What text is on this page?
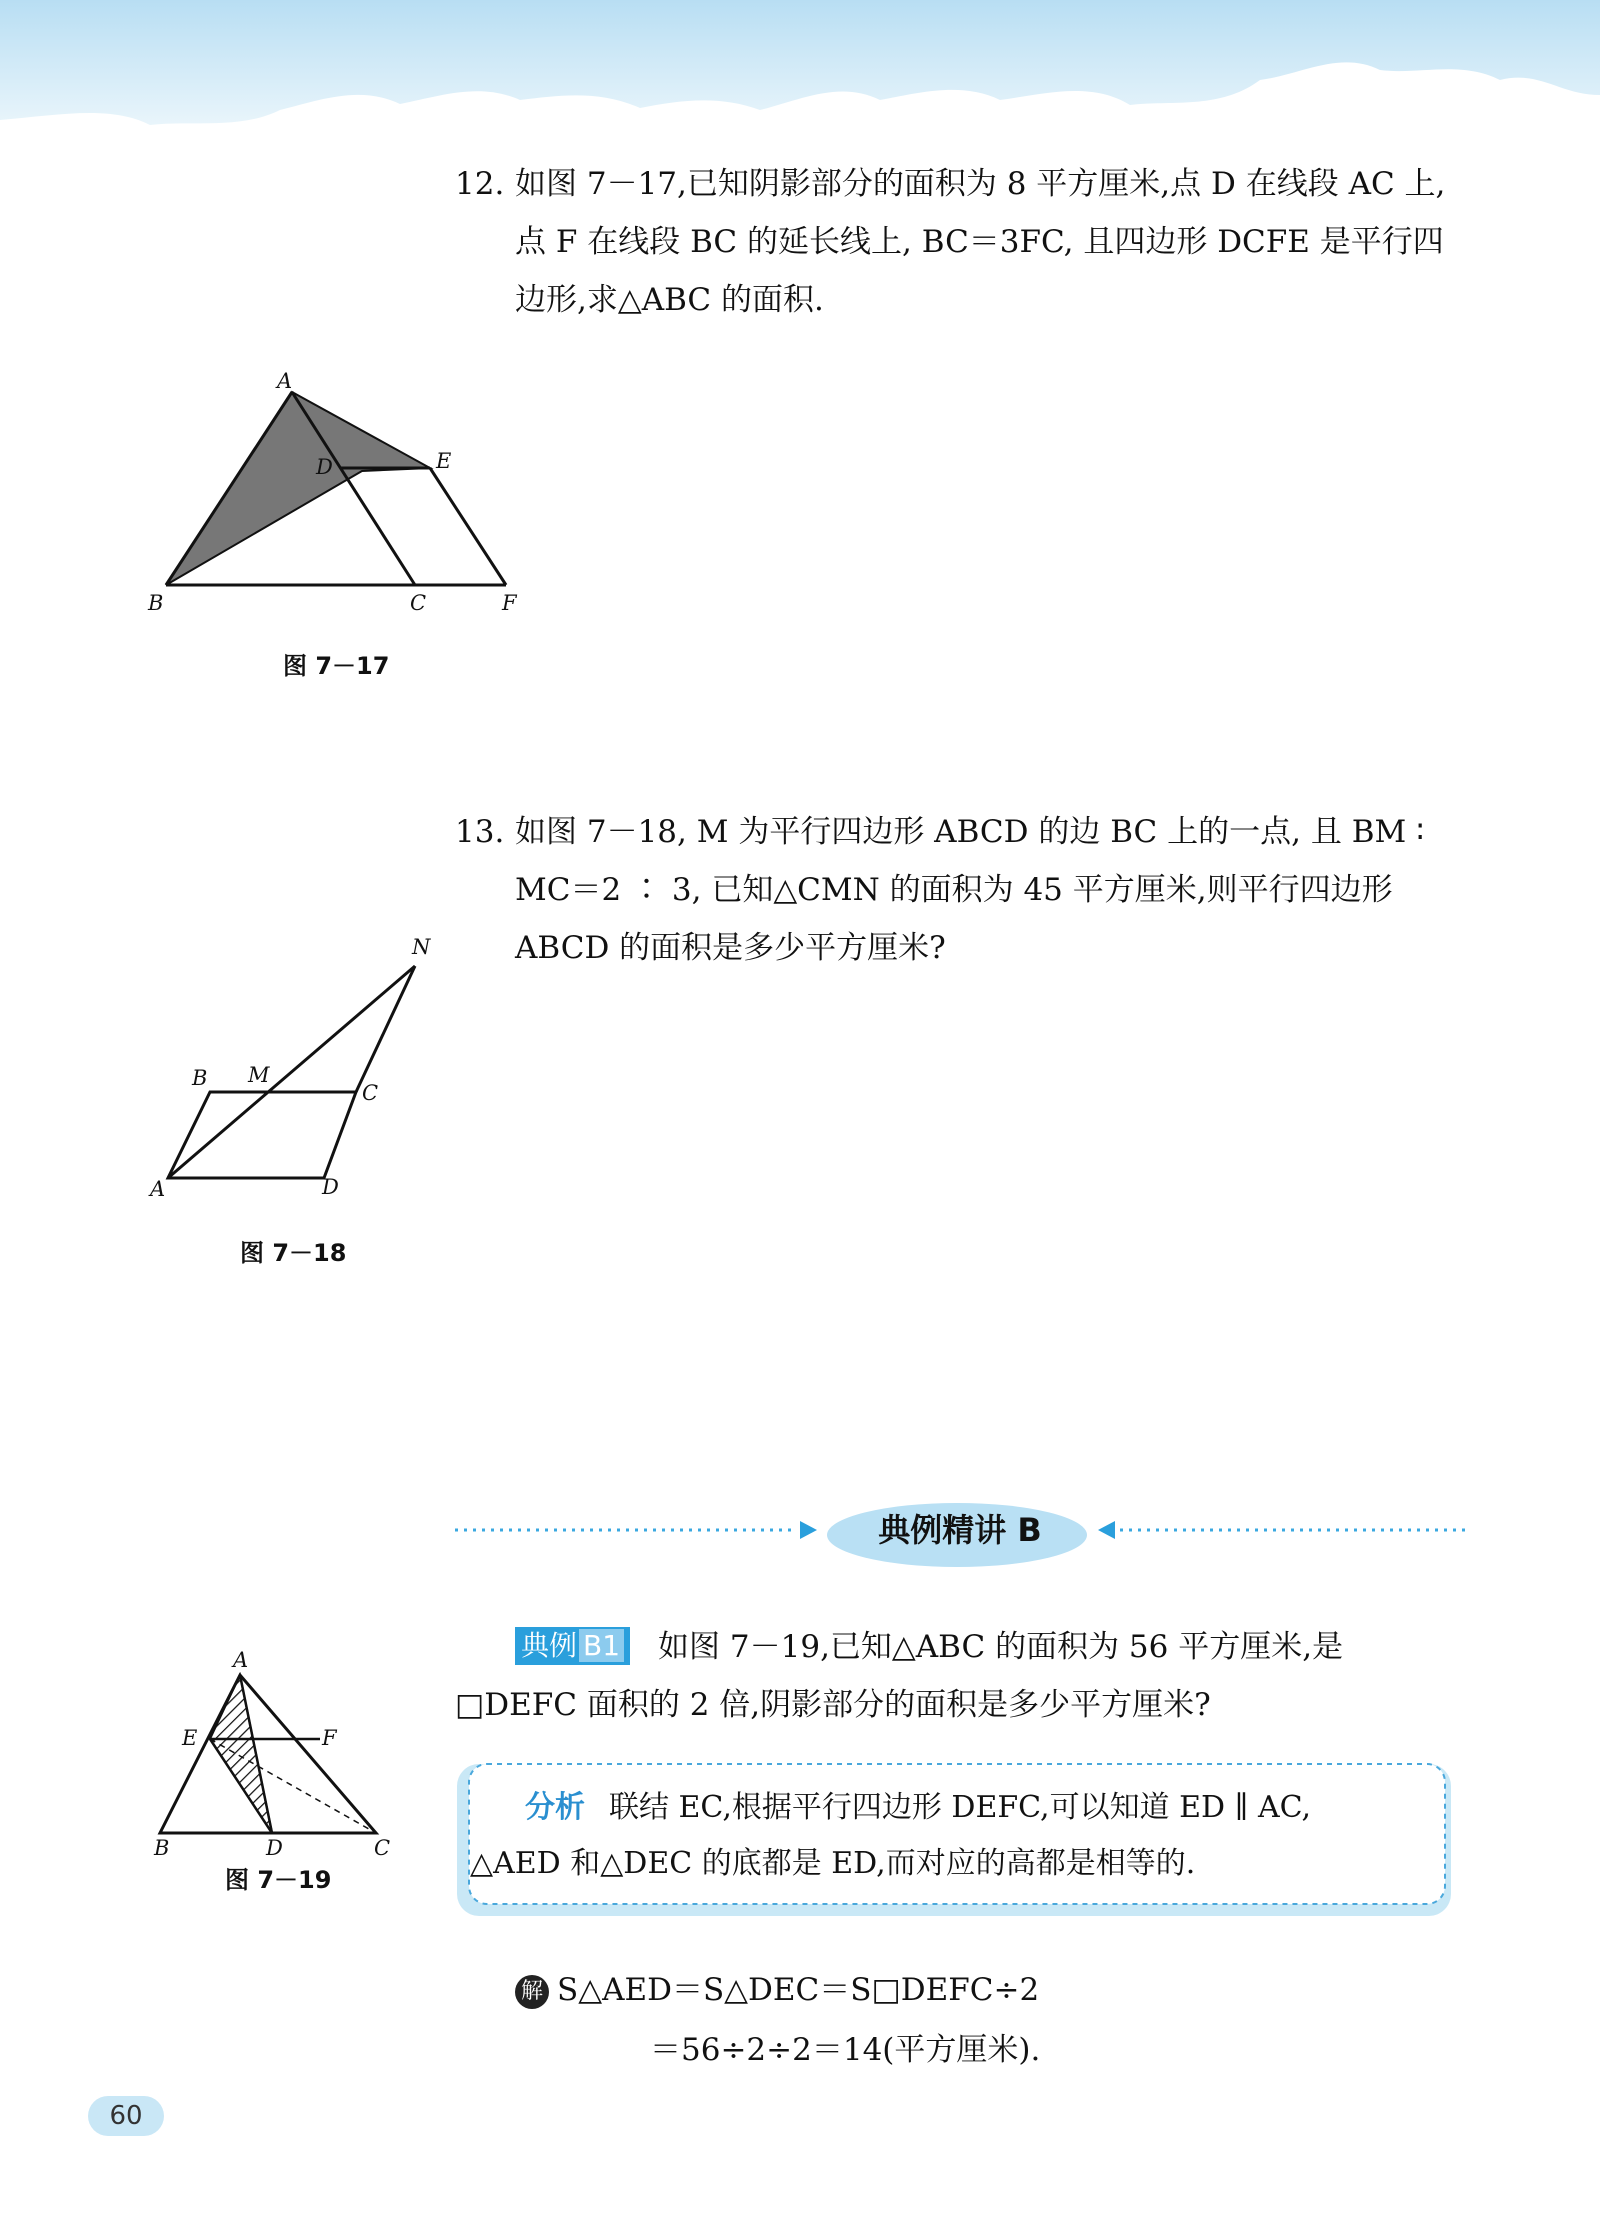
12. 如图 7－17,已知阴影部分的面积为 8 平方厘米,点 D 在线段 AC 上,
点 F 在线段 BC 的延长线上, BC＝3FC, 且四边形 DCFE 是平行四
边形,求△ABC 的面积.
A
D	E
B	C	F
图 7－17
13. 如图 7－18, M 为平行四边形 ABCD 的边 BC 上的一点, 且 BM ∶
MC＝2 ∶ 3, 已知△CMN 的面积为 45 平方厘米,则平行四边形
ABCD 的面积是多少平方厘米?
N
B M
C
A	D
图 7－18
典例精讲 B
典例 B1 如图 7－19,已知△ABC 的面积为 56 平方厘米,是
□DEFC 面积的 2 倍,阴影部分的面积是多少平方厘米?
A
E	F
B	D	C
图 7－19
分析 联结 EC,根据平行四边形 DEFC,可以知道 ED ∥ AC,
△AED 和△DEC 的底都是 ED,而对应的高都是相等的.
解 S△AED＝S△DEC＝S□DEFC÷2
＝56÷2÷2＝14(平方厘米).
60
